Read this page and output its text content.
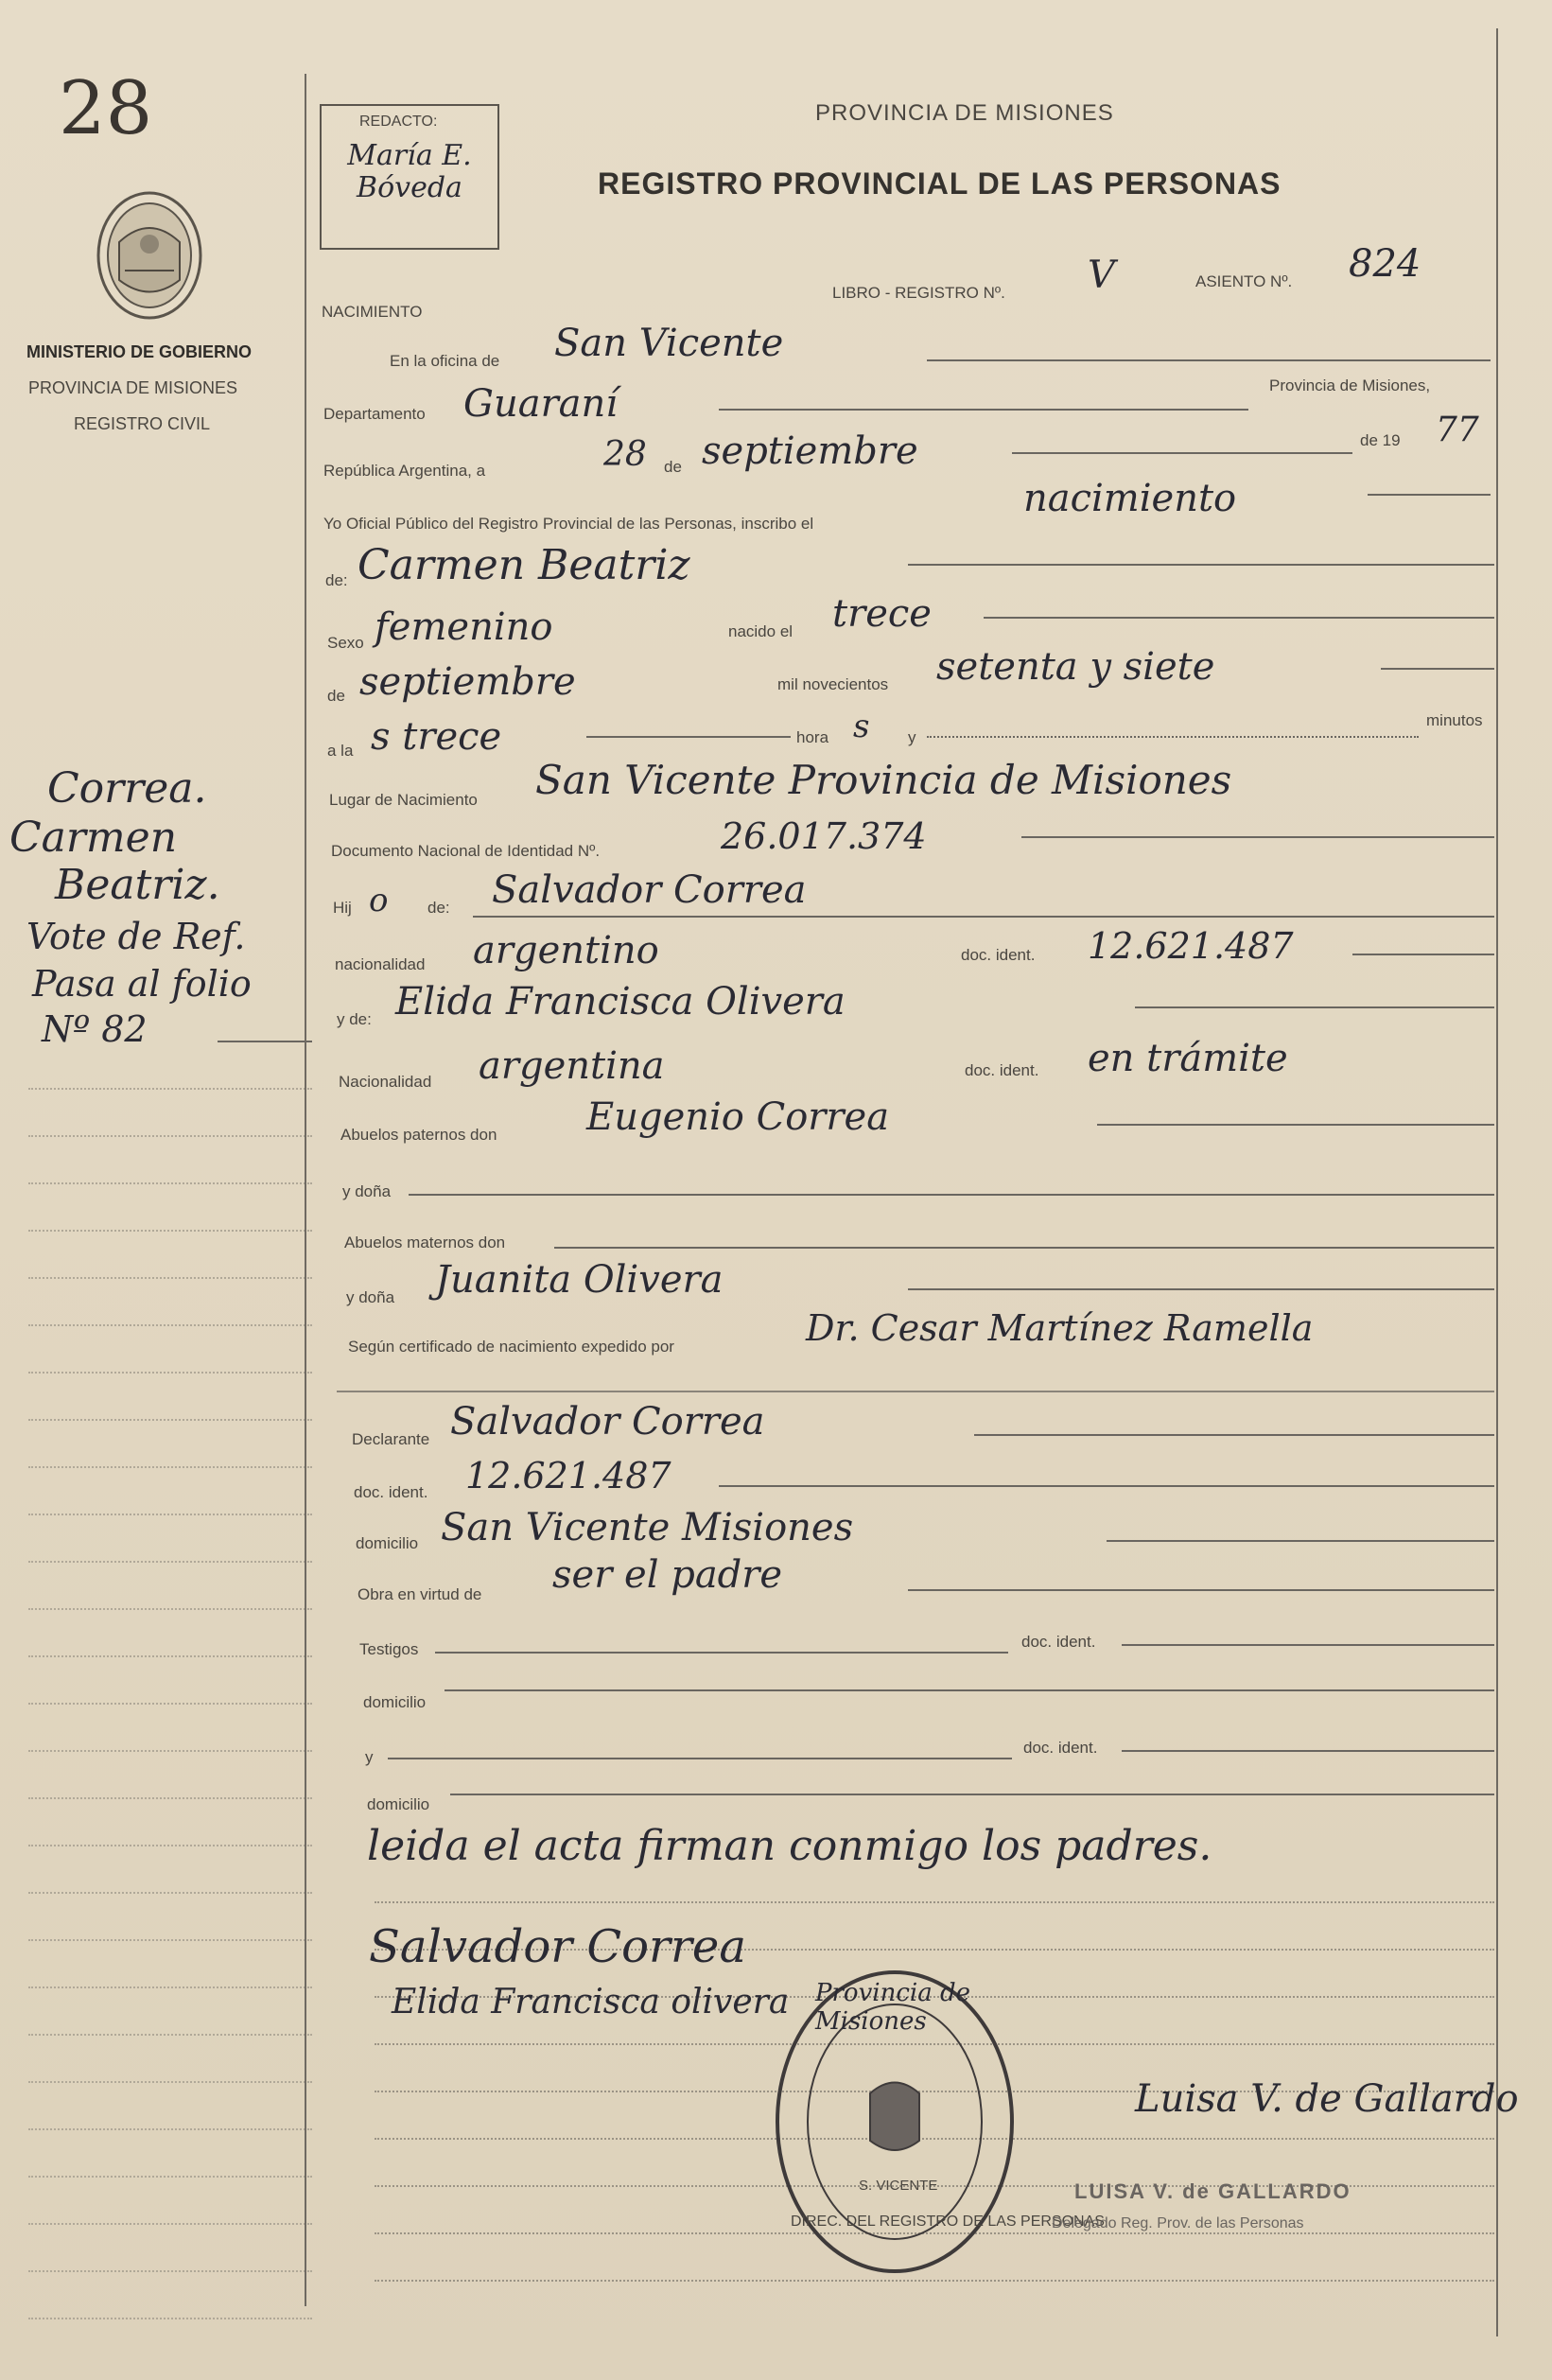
28
MINISTERIO DE GOBIERNO
PROVINCIA DE MISIONES
REGISTRO CIVIL
Correa.
Carmen
Beatriz.
Vote de Ref.
Pasa al folio
Nº 82
REDACTO:
María E. Bóveda
PROVINCIA DE MISIONES
REGISTRO PROVINCIAL DE LAS PERSONAS
NACIMIENTO
LIBRO - REGISTRO Nº. V	ASIENTO Nº. 824
En la oficina de San Vicente
Departamento Guaraní	Provincia de Misiones,
República Argentina, a	28 de septiembre	de 19 77
Yo Oficial Público del Registro Provincial de las Personas, inscribo el
nacimiento
de: Carmen Beatriz
Sexo femenino	nacido el trece
de septiembre	mil novecientos setenta y siete
a la s trece	hora s y
minutos
Lugar de Nacimiento San Vicente Provincia de Misiones
Documento Nacional de Identidad Nº.	26.017.374
Hij o de: Salvador Correa
nacionalidad argentino	doc. ident. 12.621.487
y de: Elida Francisca Olivera
Nacionalidad argentina	doc. ident. en trámite
Abuelos paternos don Eugenio Correa
y doña
Abuelos maternos don
y doña Juanita Olivera
Según certificado de nacimiento expedido por	Dr. Cesar Martínez Ramella
Declarante Salvador Correa
doc. ident. 12.621.487
domicilio San Vicente Misiones
Obra en virtud de ser el padre
Testigos	doc. ident.
domicilio
y
doc. ident.
domicilio
leida el acta firman conmigo los padres.
Salvador Correa
Elida Francisca olivera Provincia de Misiones
DIREC. DEL REGISTRO DE LAS PERSONAS
S. VICENTE
Luisa V. de Gallardo
LUISA V. de GALLARDO
Delegado Reg. Prov. de las Personas
